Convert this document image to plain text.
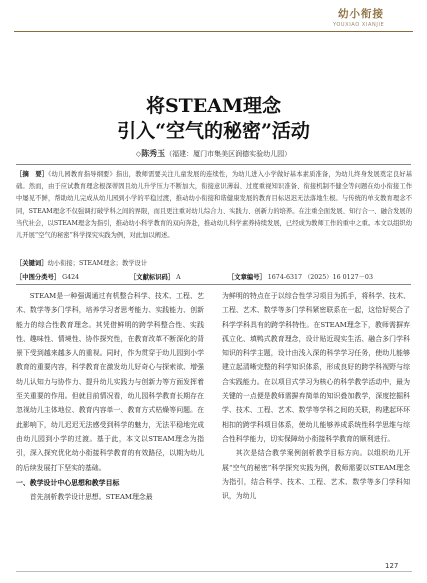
幼小衔接
YOUXIAO XIANJIE
将STEAM理念
引入“空气的秘密”活动
◇陈秀玉（福建：厦门市集美区润德实验幼儿园）
［摘　要］《幼儿园教育指导纲要》指出，教师需要关注儿童发展的连续性，为幼儿进入小学做好基本素质准备，为幼儿终身发展奠定良好基础。然而，由于应试教育理念根深蒂固且幼儿升学压力不断加大，衔接意识薄弱、过度重视知识准备、衔接机制不健全等问题在幼小衔接工作中屡见不鲜，帮助幼儿完成从幼儿园到小学的平稳过渡，推动幼小衔接和谐健康发展的教育目标迟迟无法落地生根。与传统的单支教育理念不同，STEAM理念不仅强调打破学科之间的界限，而且更注重对幼儿综合力、实践力、创新力的培养。在注重全面发展、知行合一、融合发展的当代社会，以STEAM理念为指引，推动幼小科学教育的双向奔赴，推动幼儿科学素养持续发展，已经成为教师工作的重中之重。本文以组织幼儿开展“空气的秘密”科学探究实践为例，对此加以阐述。
［关键词］幼小衔接；STEAM理念；教学设计
［中图分类号］ G424	［文献标识码］ A	［文章编号］ 1674-6317 （2025）16 0127－03

STEAM是一种强调通过有机整合科学、技术、工程、艺术、数学等多门学科，培养学习者思考能力、实践能力、创新能力的综合性教育理念。其凭借鲜明的跨学科整合性、实践性、趣味性、情境性、协作探究性，在教育改革不断深化的背景下受到越来越多人的重视。同时，作为贯穿于幼儿园到小学教育的重要内容，科学教育在激发幼儿好奇心与探索欲、增强幼儿认知力与协作力、提升幼儿实践力与创新力等方面发挥着至关重要的作用。但就目前情况看，幼儿园科学教育长期存在忽视幼儿主体地位、教育内容单一、教育方式枯燥等问题。在此影响下，幼儿迟迟无法感受到科学的魅力，无法平稳地完成由幼儿园到小学的过渡。基于此，本文以STEAM理念为指引，深入探究优化幼小衔接科学教育的有效路径，以期为幼儿的后续发展打下坚实的基础。

一、教学设计中心思想和教学目标

首先剖析教学设计思想。STEAM理念最

为鲜明的特点在于以综合性学习项目为抓手，将科学、技术、工程、艺术、数学等多门学科紧密联系在一起，这恰好契合了科学学科具有的跨学科特性。在STEAM理念下，教师需摒弃孤立化、填鸭式教育理念，设计贴近现实生活、融合多门学科知识的科学主题，设计由浅入深的科学学习任务，使幼儿能够建立起清晰完整的科学知识体系，形成良好的跨学科视野与综合实践能力。在以项目式学习为核心的科学教学活动中，最为关键的一点便是教师需摒弃简单的知识叠加教学，深度挖掘科学、技术、工程、艺术、数学等学科之间的关联，构建起环环相扣的跨学科项目体系，使幼儿能够养成系统性科学思维与综合性科学能力，切实保障幼小衔接科学教育的顺利进行。

其次是结合教学案例剖析教学目标方向。以组织幼儿开展“空气的秘密”科学探究实践为例，教师需要以STEAM理念为指引，结合科学、技术、工程、艺术、数学等多门学科知识，为幼儿

127
